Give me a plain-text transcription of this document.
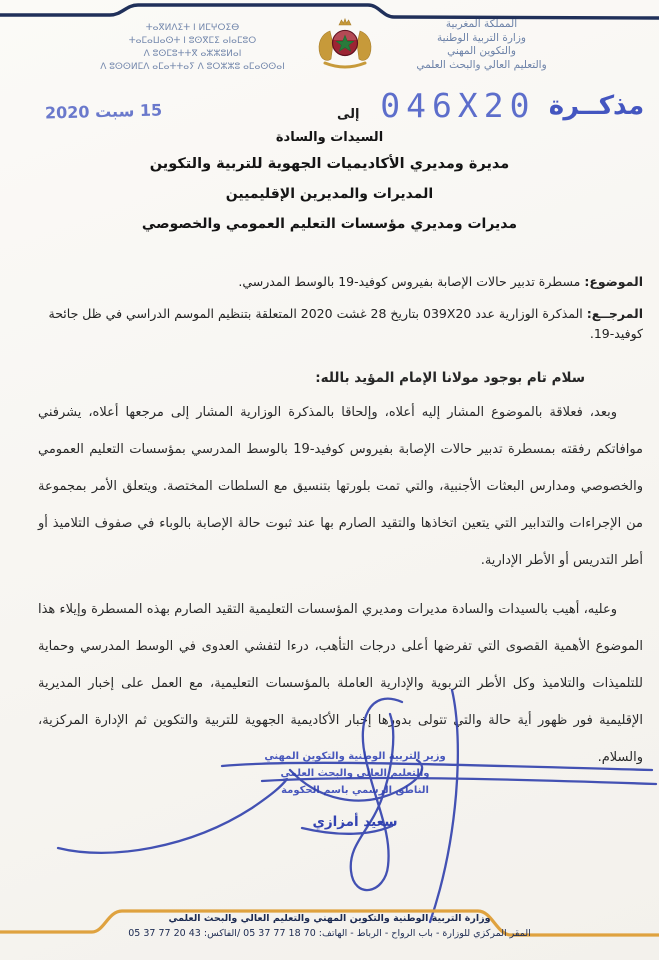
ⵜⴰⴳⵍⴷⵉⵜ ⵏ ⵍⵎⵖⵔⵉⴱ
ⵜⴰⵎⴰⵡⴰⵙⵜ ⵏ ⵓⵙⴳⵎⵉ ⴰⵏⴰⵎⵓⵔ
ⴷ ⵓⵙⵎⵓⵜⵜⴳ ⴰⵣⵣⵓⵍⴰⵏ
ⴷ ⵓⵙⵙⵍⵎⴷ ⴰⵎⴰⵜⵜⴰⵢ ⴷ ⵓⵔⵣⵣⵓ ⴰⵎⴰⵙⵙⴰⵏ
المملكة المغربية
وزارة التربية الوطنية
والتكوين المهني
والتعليم العالي والبحث العلمي
مذكــرة
046X20
15 سبت 2020	إلى
السيدات والسادة
مديرة ومديري الأكاديميات الجهوية للتربية والتكوين
المديرات والمديرين الإقليميين
مديرات ومديري مؤسسات التعليم العمومي والخصوصي
الموضوع: مسطرة تدبير حالات الإصابة بفيروس كوفيد-19 بالوسط المدرسي.
المرجــع: المذكرة الوزارية عدد 039X20 بتاريخ 28 غشت 2020 المتعلقة بتنظيم الموسم الدراسي في ظل جائحة كوفيد-19.
سلام تام بوجود مولانا الإمام المؤيد بالله:
وبعد، فعلاقة بالموضوع المشار إليه أعلاه، وإلحاقا بالمذكرة الوزارية المشار إلى مرجعها أعلاه، يشرفني موافاتكم رفقته بمسطرة تدبير حالات الإصابة بفيروس كوفيد-19 بالوسط المدرسي بمؤسسات التعليم العمومي والخصوصي ومدارس البعثات الأجنبية، والتي تمت بلورتها بتنسيق مع السلطات المختصة. ويتعلق الأمر بمجموعة من الإجراءات والتدابير التي يتعين اتخاذها والتقيد الصارم بها عند ثبوت حالة الإصابة بالوباء في صفوف التلاميذ أو أطر التدريس أو الأطر الإدارية.
وعليه، أهيب بالسيدات والسادة مديرات ومديري المؤسسات التعليمية التقيد الصارم بهذه المسطرة وإيلاء هذا الموضوع الأهمية القصوى التي تفرضها أعلى درجات التأهب، درءا لتفشي العدوى في الوسط المدرسي وحماية للتلميذات والتلاميذ وكل الأطر التربوية والإدارية العاملة بالمؤسسات التعليمية، مع العمل على إخبار المديرية الإقليمية فور ظهور أية حالة والتي تتولى بدورها إخبار الأكاديمية الجهوية للتربية والتكوين ثم الإدارة المركزية، والسلام.
وزير التربية الوطنية والتكوين المهني
والتعليم العالي والبحث العلمي
الناطق الرسمي باسم الحكومة
سعيد أمزازي
وزارة التربية الوطنية والتكوين المهني والتعليم العالي والبحث العلمي
المقر المركزي للوزارة - باب الرواح - الرباط - الهاتف: 70 18 77 37 05 /الفاكس: 43 20 77 37 05
